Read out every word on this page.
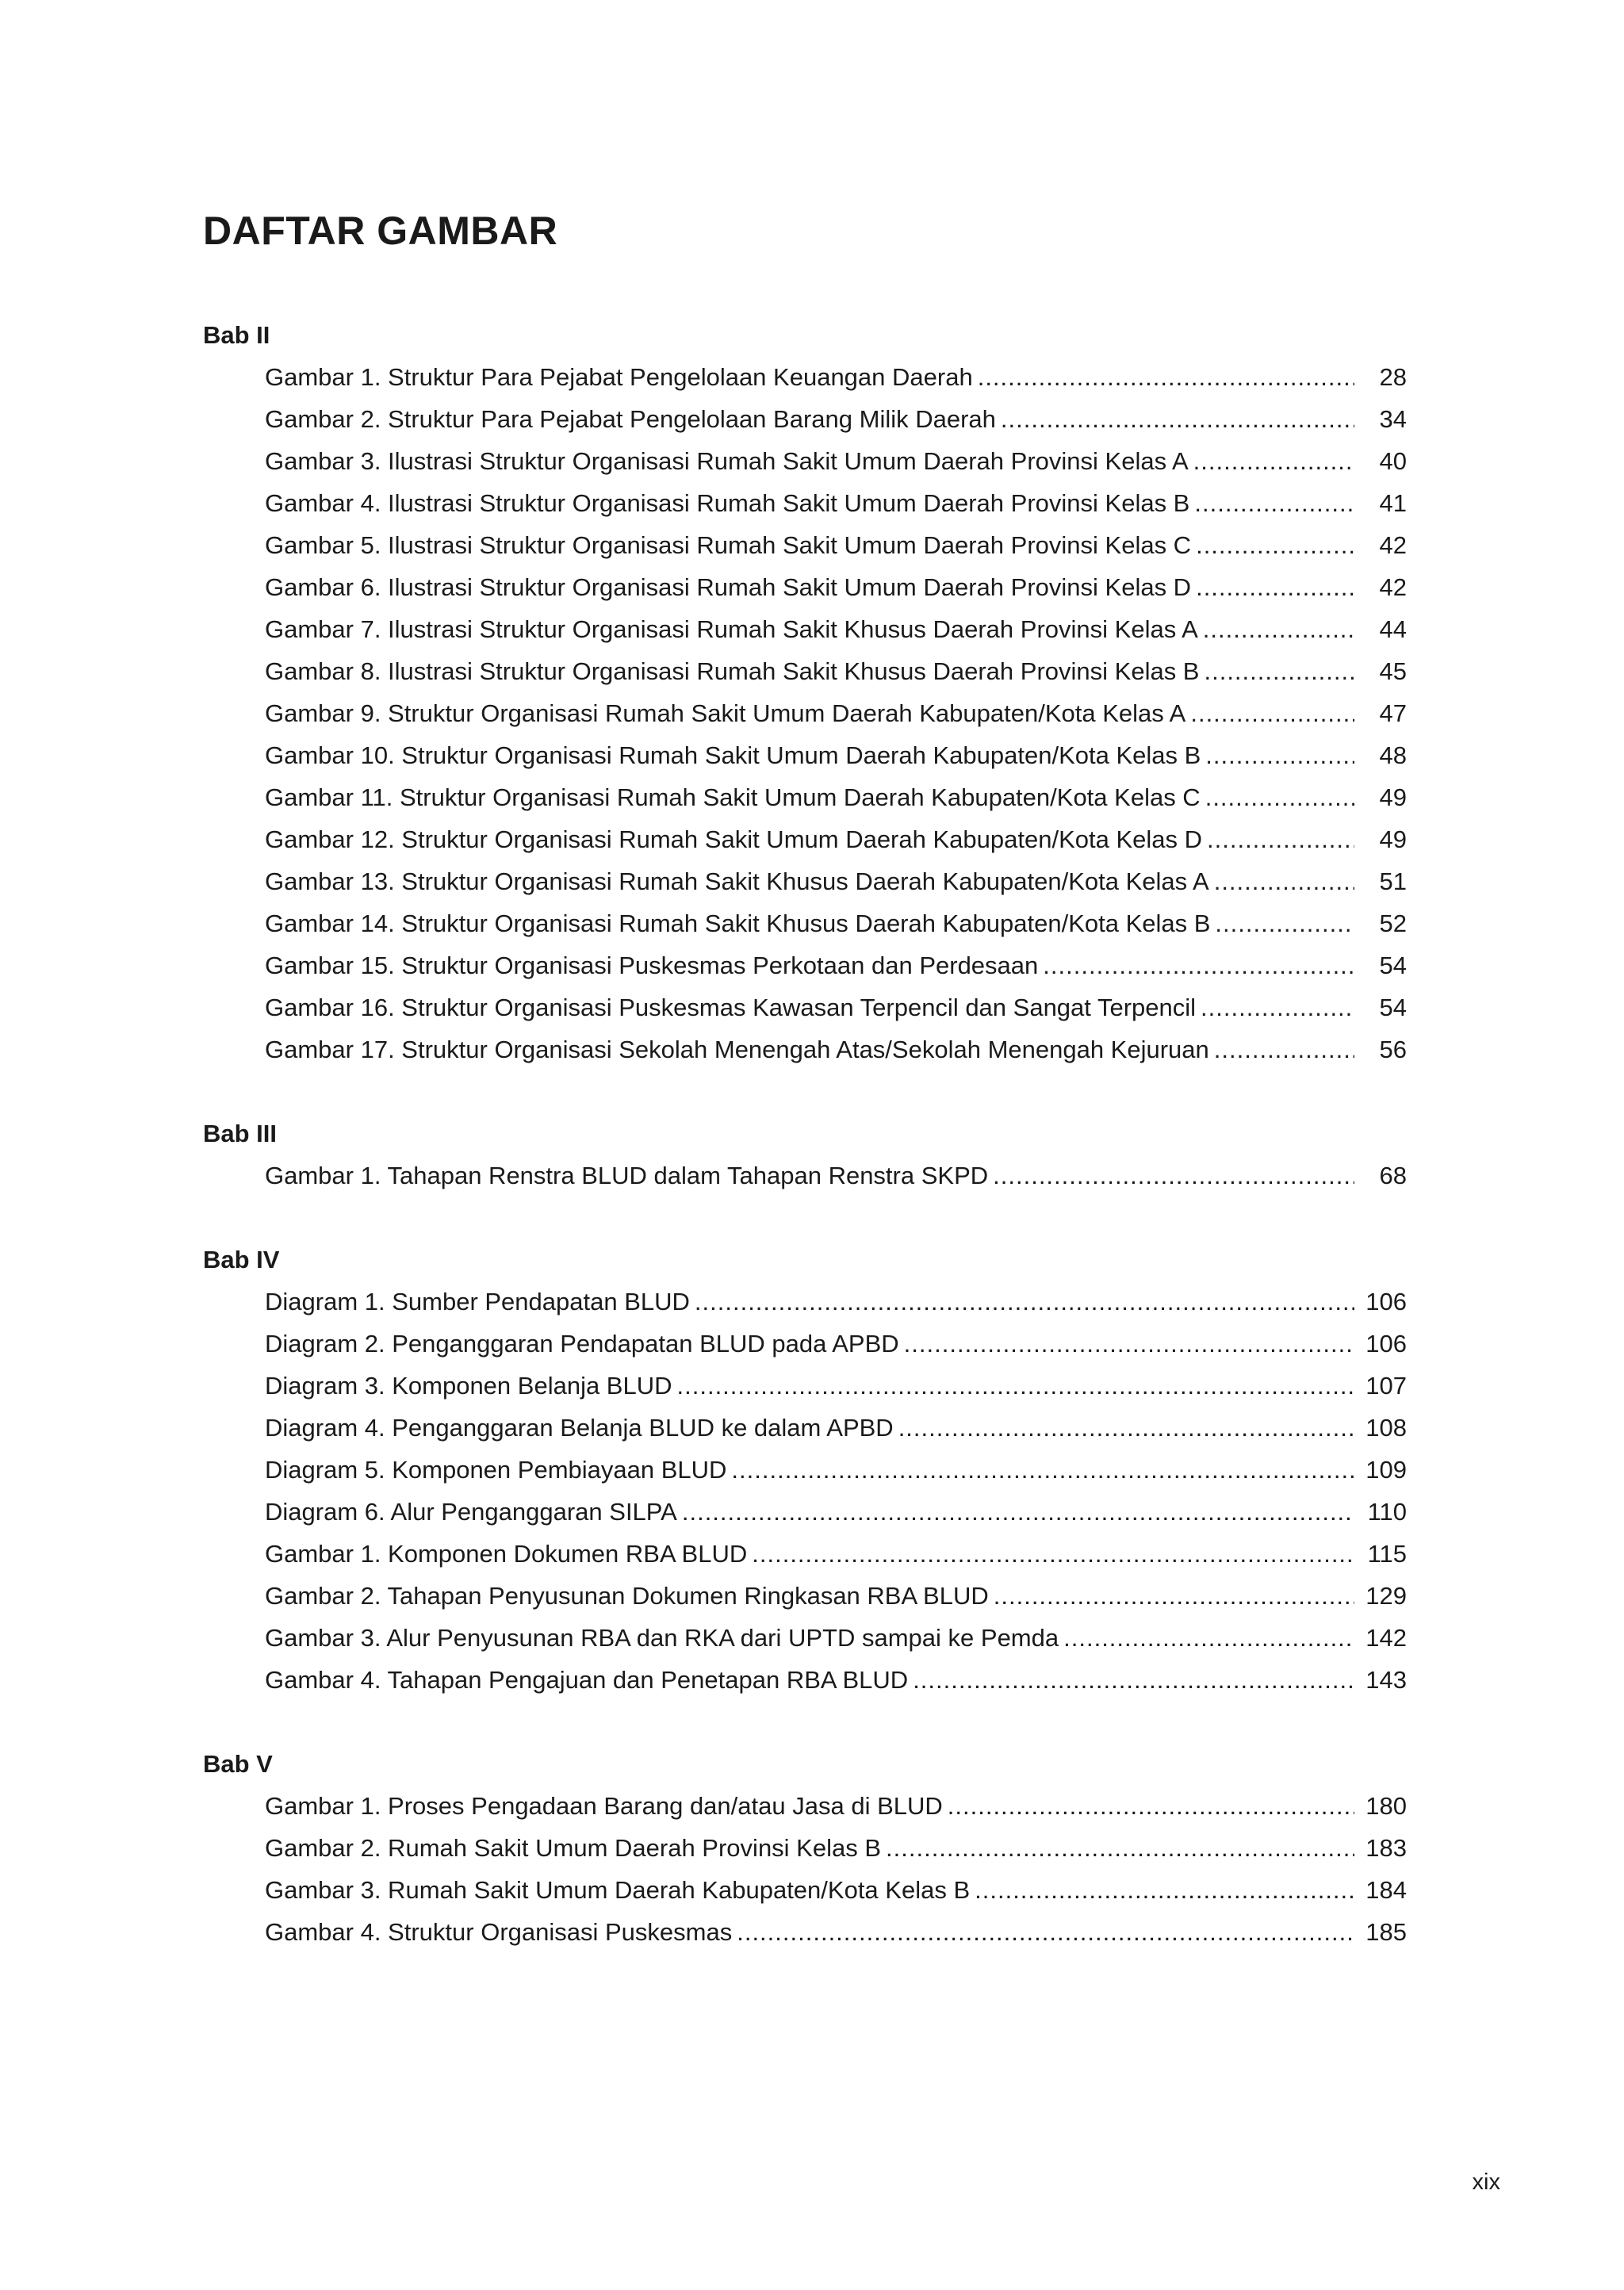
DAFTAR GAMBAR
Bab II
Gambar 1. Struktur Para Pejabat Pengelolaan Keuangan Daerah .....	28
Gambar 2. Struktur Para Pejabat Pengelolaan Barang Milik Daerah .....	34
Gambar 3. Ilustrasi Struktur Organisasi Rumah Sakit Umum Daerah Provinsi Kelas A .....	40
Gambar 4. Ilustrasi Struktur Organisasi Rumah Sakit Umum Daerah Provinsi Kelas B .....	41
Gambar 5. Ilustrasi Struktur Organisasi Rumah Sakit Umum Daerah Provinsi Kelas C .....	42
Gambar 6. Ilustrasi Struktur Organisasi Rumah Sakit Umum Daerah Provinsi Kelas D .....	42
Gambar 7. Ilustrasi Struktur Organisasi Rumah Sakit Khusus Daerah Provinsi Kelas A .....	44
Gambar 8. Ilustrasi Struktur Organisasi Rumah Sakit Khusus Daerah Provinsi Kelas B .....	45
Gambar 9. Struktur Organisasi Rumah Sakit Umum Daerah Kabupaten/Kota Kelas A .....	47
Gambar 10. Struktur Organisasi Rumah Sakit Umum Daerah Kabupaten/Kota Kelas B .....	48
Gambar 11. Struktur Organisasi Rumah Sakit Umum Daerah Kabupaten/Kota Kelas C .....	49
Gambar 12. Struktur Organisasi Rumah Sakit Umum Daerah Kabupaten/Kota Kelas D .....	49
Gambar 13. Struktur Organisasi Rumah Sakit Khusus Daerah Kabupaten/Kota Kelas A .....	51
Gambar 14. Struktur Organisasi Rumah Sakit Khusus Daerah Kabupaten/Kota Kelas B .....	52
Gambar 15. Struktur Organisasi Puskesmas Perkotaan dan Perdesaan .....	54
Gambar 16. Struktur Organisasi Puskesmas Kawasan Terpencil dan Sangat Terpencil .....	54
Gambar 17. Struktur Organisasi Sekolah Menengah Atas/Sekolah Menengah Kejuruan .....	56
Bab III
Gambar 1. Tahapan Renstra BLUD dalam Tahapan Renstra SKPD .....	68
Bab IV
Diagram 1. Sumber Pendapatan BLUD .....	106
Diagram 2. Penganggaran Pendapatan BLUD pada APBD .....	106
Diagram 3. Komponen Belanja BLUD .....	107
Diagram 4. Penganggaran Belanja BLUD ke dalam APBD .....	108
Diagram 5. Komponen Pembiayaan BLUD .....	109
Diagram 6. Alur Penganggaran SILPA .....	110
Gambar 1. Komponen Dokumen RBA BLUD .....	115
Gambar 2. Tahapan Penyusunan Dokumen Ringkasan RBA BLUD .....	129
Gambar 3. Alur Penyusunan RBA dan RKA dari UPTD sampai ke Pemda .....	142
Gambar 4. Tahapan Pengajuan dan Penetapan RBA BLUD .....	143
Bab V
Gambar 1. Proses Pengadaan Barang dan/atau Jasa di BLUD .....	180
Gambar 2. Rumah Sakit Umum Daerah Provinsi Kelas B .....	183
Gambar 3. Rumah Sakit Umum Daerah Kabupaten/Kota Kelas B .....	184
Gambar 4. Struktur Organisasi Puskesmas .....	185
xix
